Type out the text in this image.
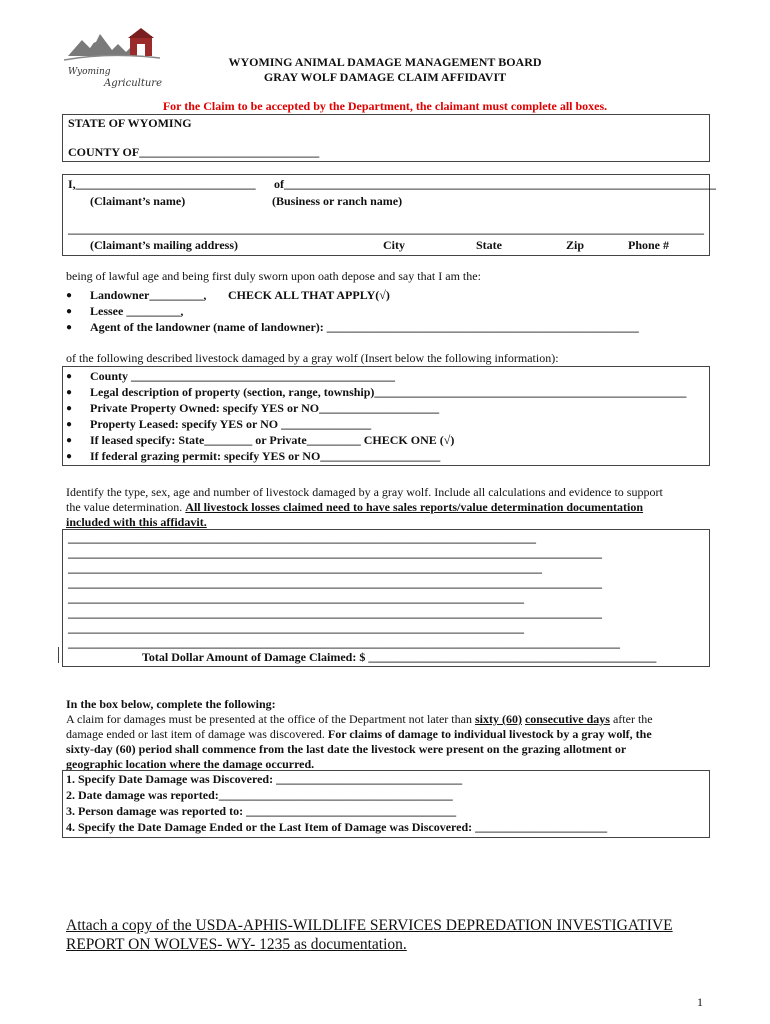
Wyoming
Agriculture
WYOMING ANIMAL DAMAGE MANAGEMENT BOARD
GRAY WOLF DAMAGE CLAIM AFFIDAVIT
For the Claim to be accepted by the Department, the claimant must complete all boxes.
STATE OF WYOMING
COUNTY OF______________________________
I,______________________________ of________________________________________________________________________
(Claimant’s name)	(Business or ranch name)
__________________________________________________________________________________________________________
(Claimant’s mailing address)	City	State	Zip	Phone #
being of lawful age and being first duly sworn upon oath depose and say that I am the:
● Landowner_________, CHECK ALL THAT APPLY(√)
● Lessee _________,
● Agent of the landowner (name of landowner): ____________________________________________________
of the following described livestock damaged by a gray wolf (Insert below the following information):
● County ____________________________________________
● Legal description of property (section, range, township)____________________________________________________
● Private Property Owned: specify YES or NO____________________
● Property Leased: specify YES or NO _______________
● If leased specify: State________ or Private_________ CHECK ONE (√)
● If federal grazing permit: specify YES or NO____________________
Identify the type, sex, age and number of livestock damaged by a gray wolf. Include all calculations and evidence to support
the value determination. All livestock losses claimed need to have sales reports/value determination documentation
included with this affidavit.
______________________________________________________________________________
_________________________________________________________________________________________
_______________________________________________________________________________
_________________________________________________________________________________________
____________________________________________________________________________
_________________________________________________________________________________________
____________________________________________________________________________
____________________________________________________________________________________________
Total Dollar Amount of Damage Claimed: $ ________________________________________________
In the box below, complete the following:
A claim for damages must be presented at the office of the Department not later than sixty (60) consecutive days after the
damage ended or last item of damage was discovered. For claims of damage to individual livestock by a gray wolf, the
sixty-day (60) period shall commence from the last date the livestock were present on the grazing allotment or
geographic location where the damage occurred.
1. Specify Date Damage was Discovered: _______________________________
2. Date damage was reported:_______________________________________
3. Person damage was reported to: ___________________________________
4. Specify the Date Damage Ended or the Last Item of Damage was Discovered: ______________________
Attach a copy of the USDA-APHIS-WILDLIFE SERVICES DEPREDATION INVESTIGATIVE
REPORT ON WOLVES- WY- 1235 as documentation.
1
